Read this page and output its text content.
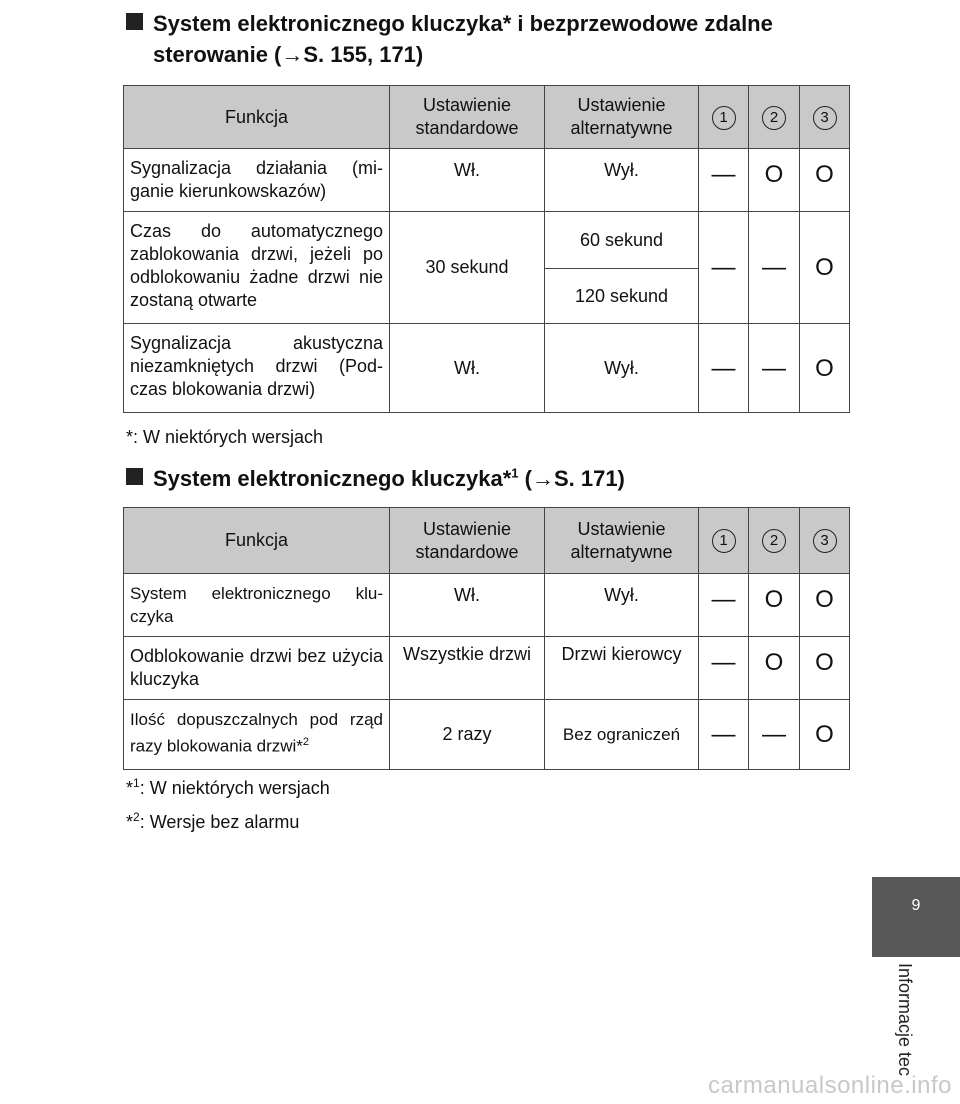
System elektronicznego kluczyka* i bezprzewodowe zdalne
sterowanie (→S. 155, 171)
Funkcja	Ustawienie standardowe	Ustawienie alternatywne	1	2	3
Sygnalizacja działania (mi-ganie kierunkowskazów)	Wł.	Wył.	—	O	O
Czas do automatycznego zablokowania drzwi, jeżeli po odblokowaniu żadne drzwi nie zostaną otwarte	30 sekund	60 sekund	—	—	O
		120 sekund			
Sygnalizacja akustyczna niezamkniętych drzwi (Pod-czas blokowania drzwi)	Wł.	Wył.	—	—	O
*: W niektórych wersjach
System elektronicznego kluczyka*$^1$ (→S. 171)
Funkcja	Ustawienie standardowe	Ustawienie alternatywne	1	2	3
System elektronicznego klu-czyka	Wł.	Wył.	—	O	O
Odblokowanie drzwi bez użycia kluczyka	Wszystkie drzwi	Drzwi kierowcy	—	O	O
Ilość dopuszczalnych pod rząd razy blokowania drzwi*$^2$	2 razy	Bez ograniczeń	—	—	O
*$^1$: W niektórych wersjach
*$^2$: Wersje bez alarmu
9
Informacje tec
carmanualsonline.info
